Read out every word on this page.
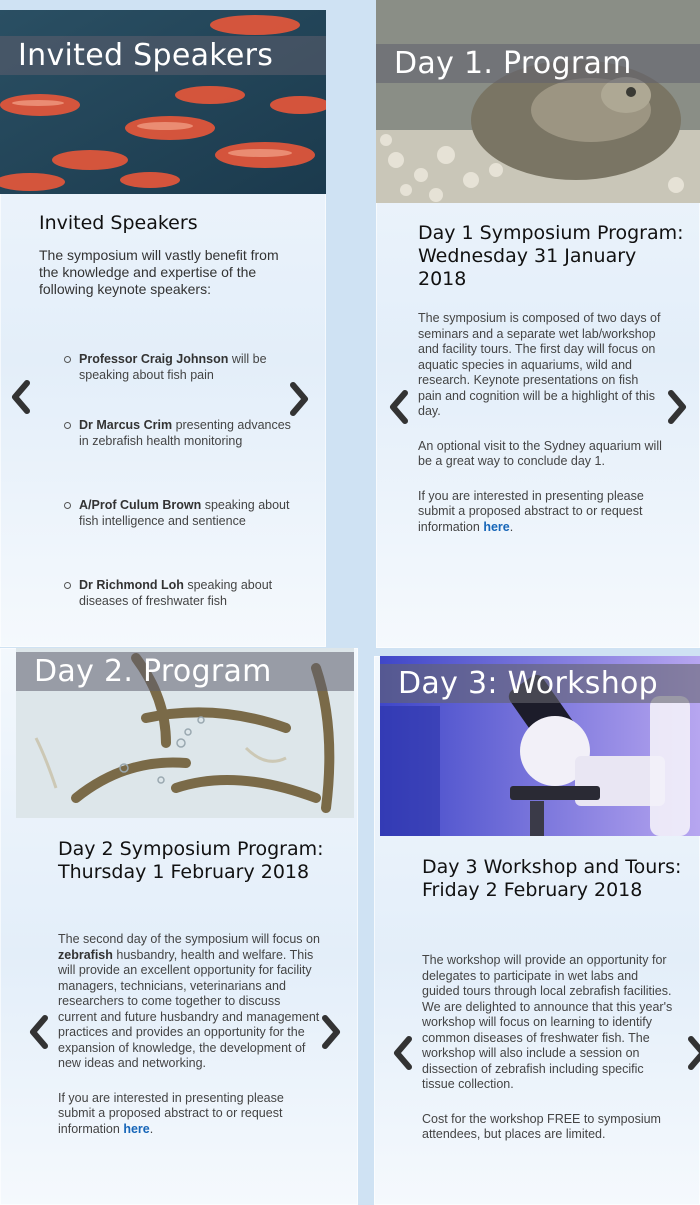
Invited Speakers
Invited Speakers
The symposium will vastly benefit from the knowledge and expertise of the following keynote speakers:
Professor Craig Johnson will be speaking about fish pain
Dr Marcus Crim presenting advances in zebrafish health monitoring
A/Prof Culum Brown speaking about fish intelligence and sentience
Dr Richmond Loh speaking about diseases of freshwater fish
Day 1. Program
Day 1 Symposium Program:
Wednesday 31 January 2018

The symposium is composed of two days of seminars and a separate wet lab/workshop and facility tours. The first day will focus on aquatic species in aquariums, wild and research. Keynote presentations on fish pain and cognition will be a highlight of this day.

An optional visit to the Sydney aquarium will be a great way to conclude day 1.

If you are interested in presenting please submit a proposed abstract to or request information here.

Day 2. Program
Day 2 Symposium Program:
Thursday 1 February 2018

The second day of the symposium will focus on zebrafish husbandry, health and welfare. This will provide an excellent opportunity for facility managers, technicians, veterinarians and researchers to come together to discuss current and future husbandry and management practices and provides an opportunity for the expansion of knowledge, the development of new ideas and networking.

If you are interested in presenting please submit a proposed abstract to or request information here.

Day 3: Workshop
Day 3 Workshop and Tours:
Friday 2 February 2018

The workshop will provide an opportunity for delegates to participate in wet labs and guided tours through local zebrafish facilities. We are delighted to announce that this year's workshop will focus on learning to identify common diseases of freshwater fish. The workshop will also include a session on dissection of zebrafish including specific tissue collection.

Cost for the workshop FREE to symposium attendees, but places are limited.
